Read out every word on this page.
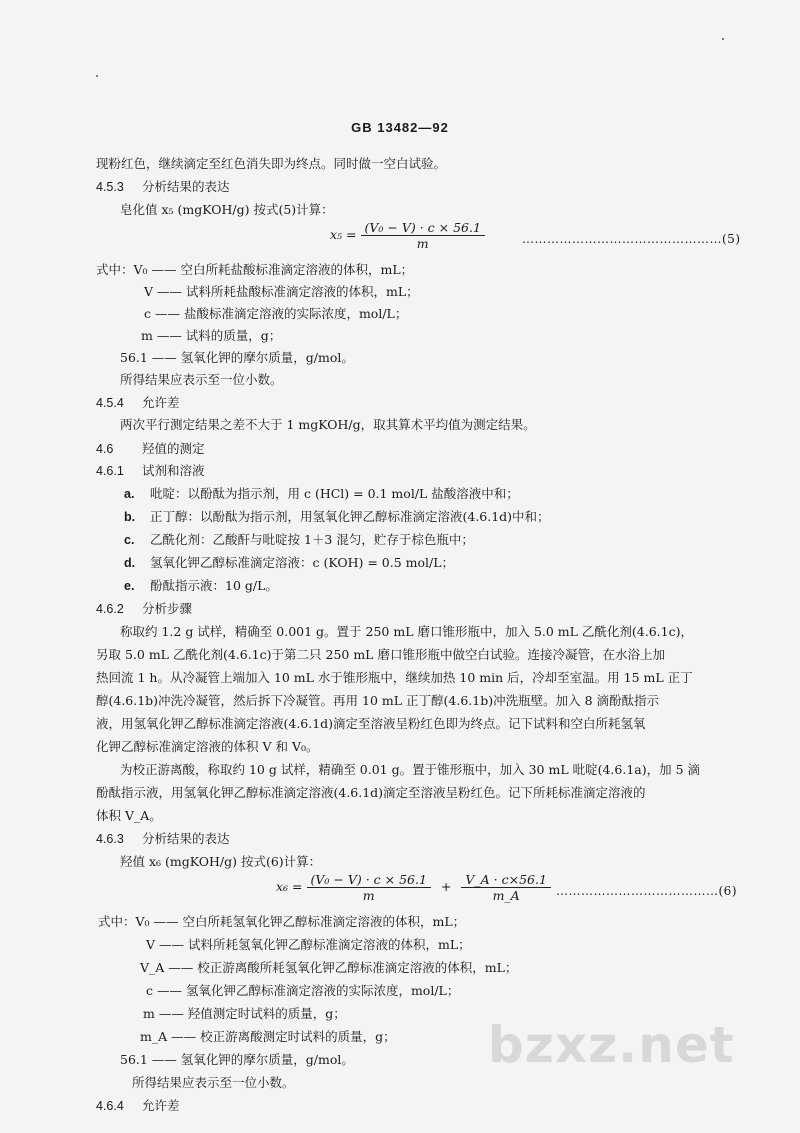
GB 13482—92
现粉红色，继续滴定至红色消失即为终点。同时做一空白试验。
4.5.3 分析结果的表达
皂化值 x₅ (mgKOH/g) 按式(5)计算：
$x_5 = \frac{\text{(V₀ − V) · c × 56.1}}{m}$	…………………………………………(5)
式中：V₀ —— 空白所耗盐酸标准滴定溶液的体积，mL；
V —— 试料所耗盐酸标准滴定溶液的体积，mL；
c —— 盐酸标准滴定溶液的实际浓度，mol/L；
m —— 试料的质量，g；
56.1 —— 氢氧化钾的摩尔质量，g/mol。
所得结果应表示至一位小数。
4.5.4 允许差
两次平行测定结果之差不大于 1 mgKOH/g，取其算术平均值为测定结果。
4.6 羟值的测定
4.6.1 试剂和溶液
a. 吡啶：以酚酞为指示剂，用 c (HCl) = 0.1 mol/L 盐酸溶液中和；
b. 正丁醇：以酚酞为指示剂，用氢氧化钾乙醇标准滴定溶液(4.6.1d)中和；
c. 乙酰化剂：乙酸酐与吡啶按 1＋3 混匀，贮存于棕色瓶中；
d. 氢氧化钾乙醇标准滴定溶液：c (KOH) = 0.5 mol/L；
e. 酚酞指示液：10 g/L。
4.6.2 分析步骤
称取约 1.2 g 试样，精确至 0.001 g。置于 250 mL 磨口锥形瓶中，加入 5.0 mL 乙酰化剂(4.6.1c)，
另取 5.0 mL 乙酰化剂(4.6.1c)于第二只 250 mL 磨口锥形瓶中做空白试验。连接冷凝管，在水浴上加
热回流 1 h。从冷凝管上端加入 10 mL 水于锥形瓶中，继续加热 10 min 后，冷却至室温。用 15 mL 正丁
醇(4.6.1b)冲洗冷凝管，然后拆下冷凝管。再用 10 mL 正丁醇(4.6.1b)冲洗瓶壁。加入 8 滴酚酞指示
液，用氢氧化钾乙醇标准滴定溶液(4.6.1d)滴定至溶液呈粉红色即为终点。记下试料和空白所耗氢氧
化钾乙醇标准滴定溶液的体积 V 和 V₀。
为校正游离酸，称取约 10 g 试样，精确至 0.01 g。置于锥形瓶中，加入 30 mL 吡啶(4.6.1a)，加 5 滴
酚酞指示液，用氢氧化钾乙醇标准滴定溶液(4.6.1d)滴定至溶液呈粉红色。记下所耗标准滴定溶液的
体积 V_A。
4.6.3 分析结果的表达
羟值 x₆ (mgKOH/g) 按式(6)计算：
$x_6 = \frac{\text{(V₀ − V) · c × 56.1}}{m} + \frac{V\_A \cdot c\times 56.1}{m\_A}$ …………………………………(6)
式中：V₀ —— 空白所耗氢氧化钾乙醇标准滴定溶液的体积，mL；
V —— 试料所耗氢氧化钾乙醇标准滴定溶液的体积，mL；
V_A —— 校正游离酸所耗氢氧化钾乙醇标准滴定溶液的体积，mL；
c —— 氢氧化钾乙醇标准滴定溶液的实际浓度，mol/L；
m —— 羟值测定时试料的质量，g；
m_A —— 校正游离酸测定时试料的质量，g；
56.1 —— 氢氧化钾的摩尔质量，g/mol。
所得结果应表示至一位小数。
4.6.4 允许差
bzxz.net
